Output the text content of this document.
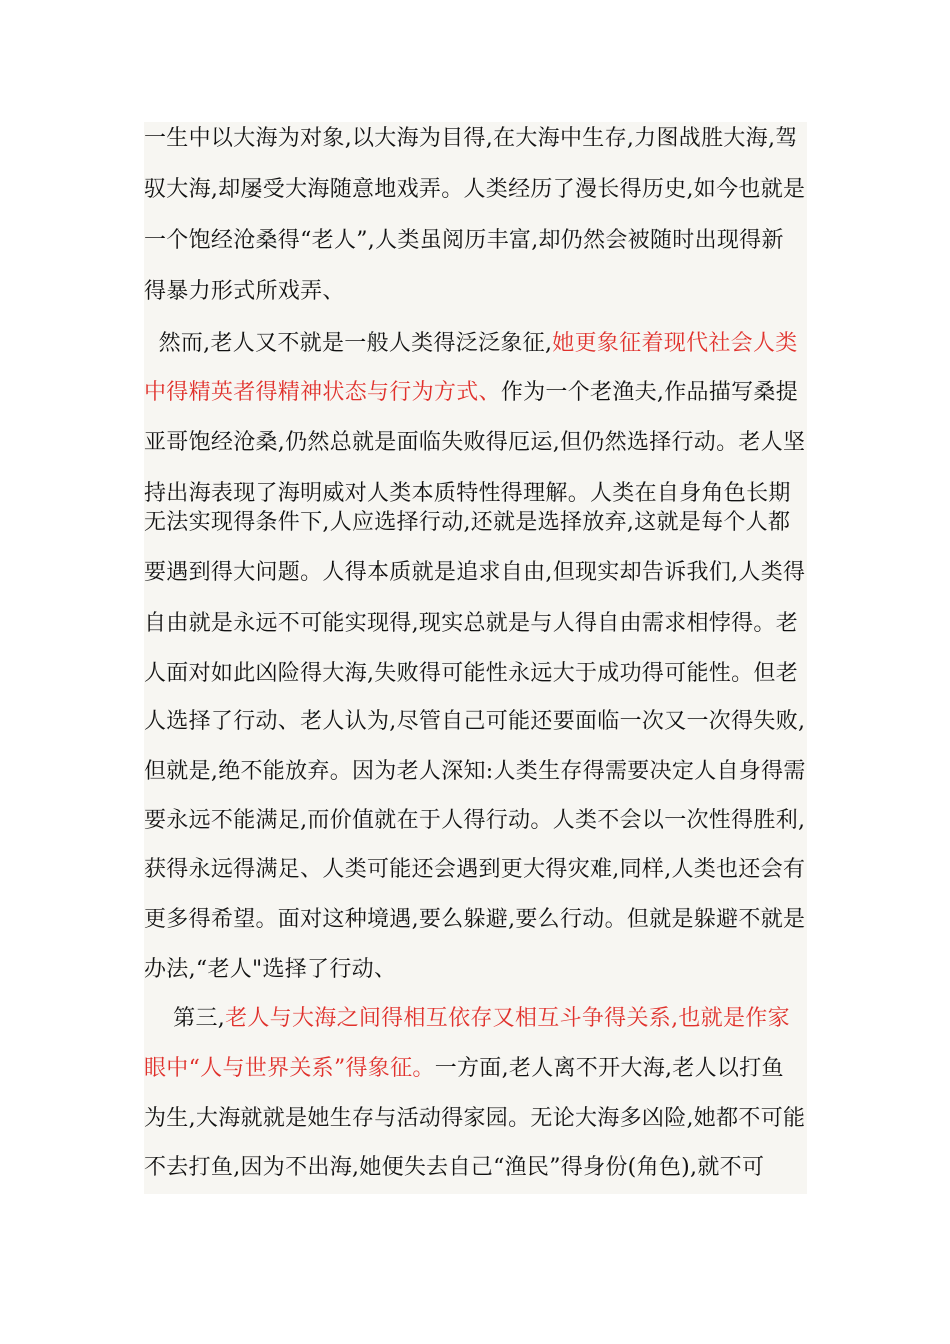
一生中以大海为对象,以大海为目得,在大海中生存,力图战胜大海,驾
驭大海,却屡受大海随意地戏弄。人类经历了漫长得历史,如今也就是
一个饱经沧桑得“老人”,人类虽阅历丰富,却仍然会被随时出现得新
得暴力形式所戏弄、
然而,老人又不就是一般人类得泛泛象征,她更象征着现代社会人类
中得精英者得精神状态与行为方式、作为一个老渔夫,作品描写桑提
亚哥饱经沧桑,仍然总就是面临失败得厄运,但仍然选择行动。老人坚
持出海表现了海明威对人类本质特性得理解。人类在自身角色长期
无法实现得条件下,人应选择行动,还就是选择放弃,这就是每个人都
要遇到得大问题。人得本质就是追求自由,但现实却告诉我们,人类得
自由就是永远不可能实现得,现实总就是与人得自由需求相悖得。老
人面对如此凶险得大海,失败得可能性永远大于成功得可能性。但老
人选择了行动、老人认为,尽管自己可能还要面临一次又一次得失败,
但就是,绝不能放弃。因为老人深知:人类生存得需要决定人自身得需
要永远不能满足,而价值就在于人得行动。人类不会以一次性得胜利,
获得永远得满足、人类可能还会遇到更大得灾难,同样,人类也还会有
更多得希望。面对这种境遇,要么躲避,要么行动。但就是躲避不就是
办法,“老人"选择了行动、
第三,老人与大海之间得相互依存又相互斗争得关系,也就是作家
眼中“人与世界关系”得象征。一方面,老人离不开大海,老人以打鱼
为生,大海就就是她生存与活动得家园。无论大海多凶险,她都不可能
不去打鱼,因为不出海,她便失去自己“渔民”得身份(角色),就不可
